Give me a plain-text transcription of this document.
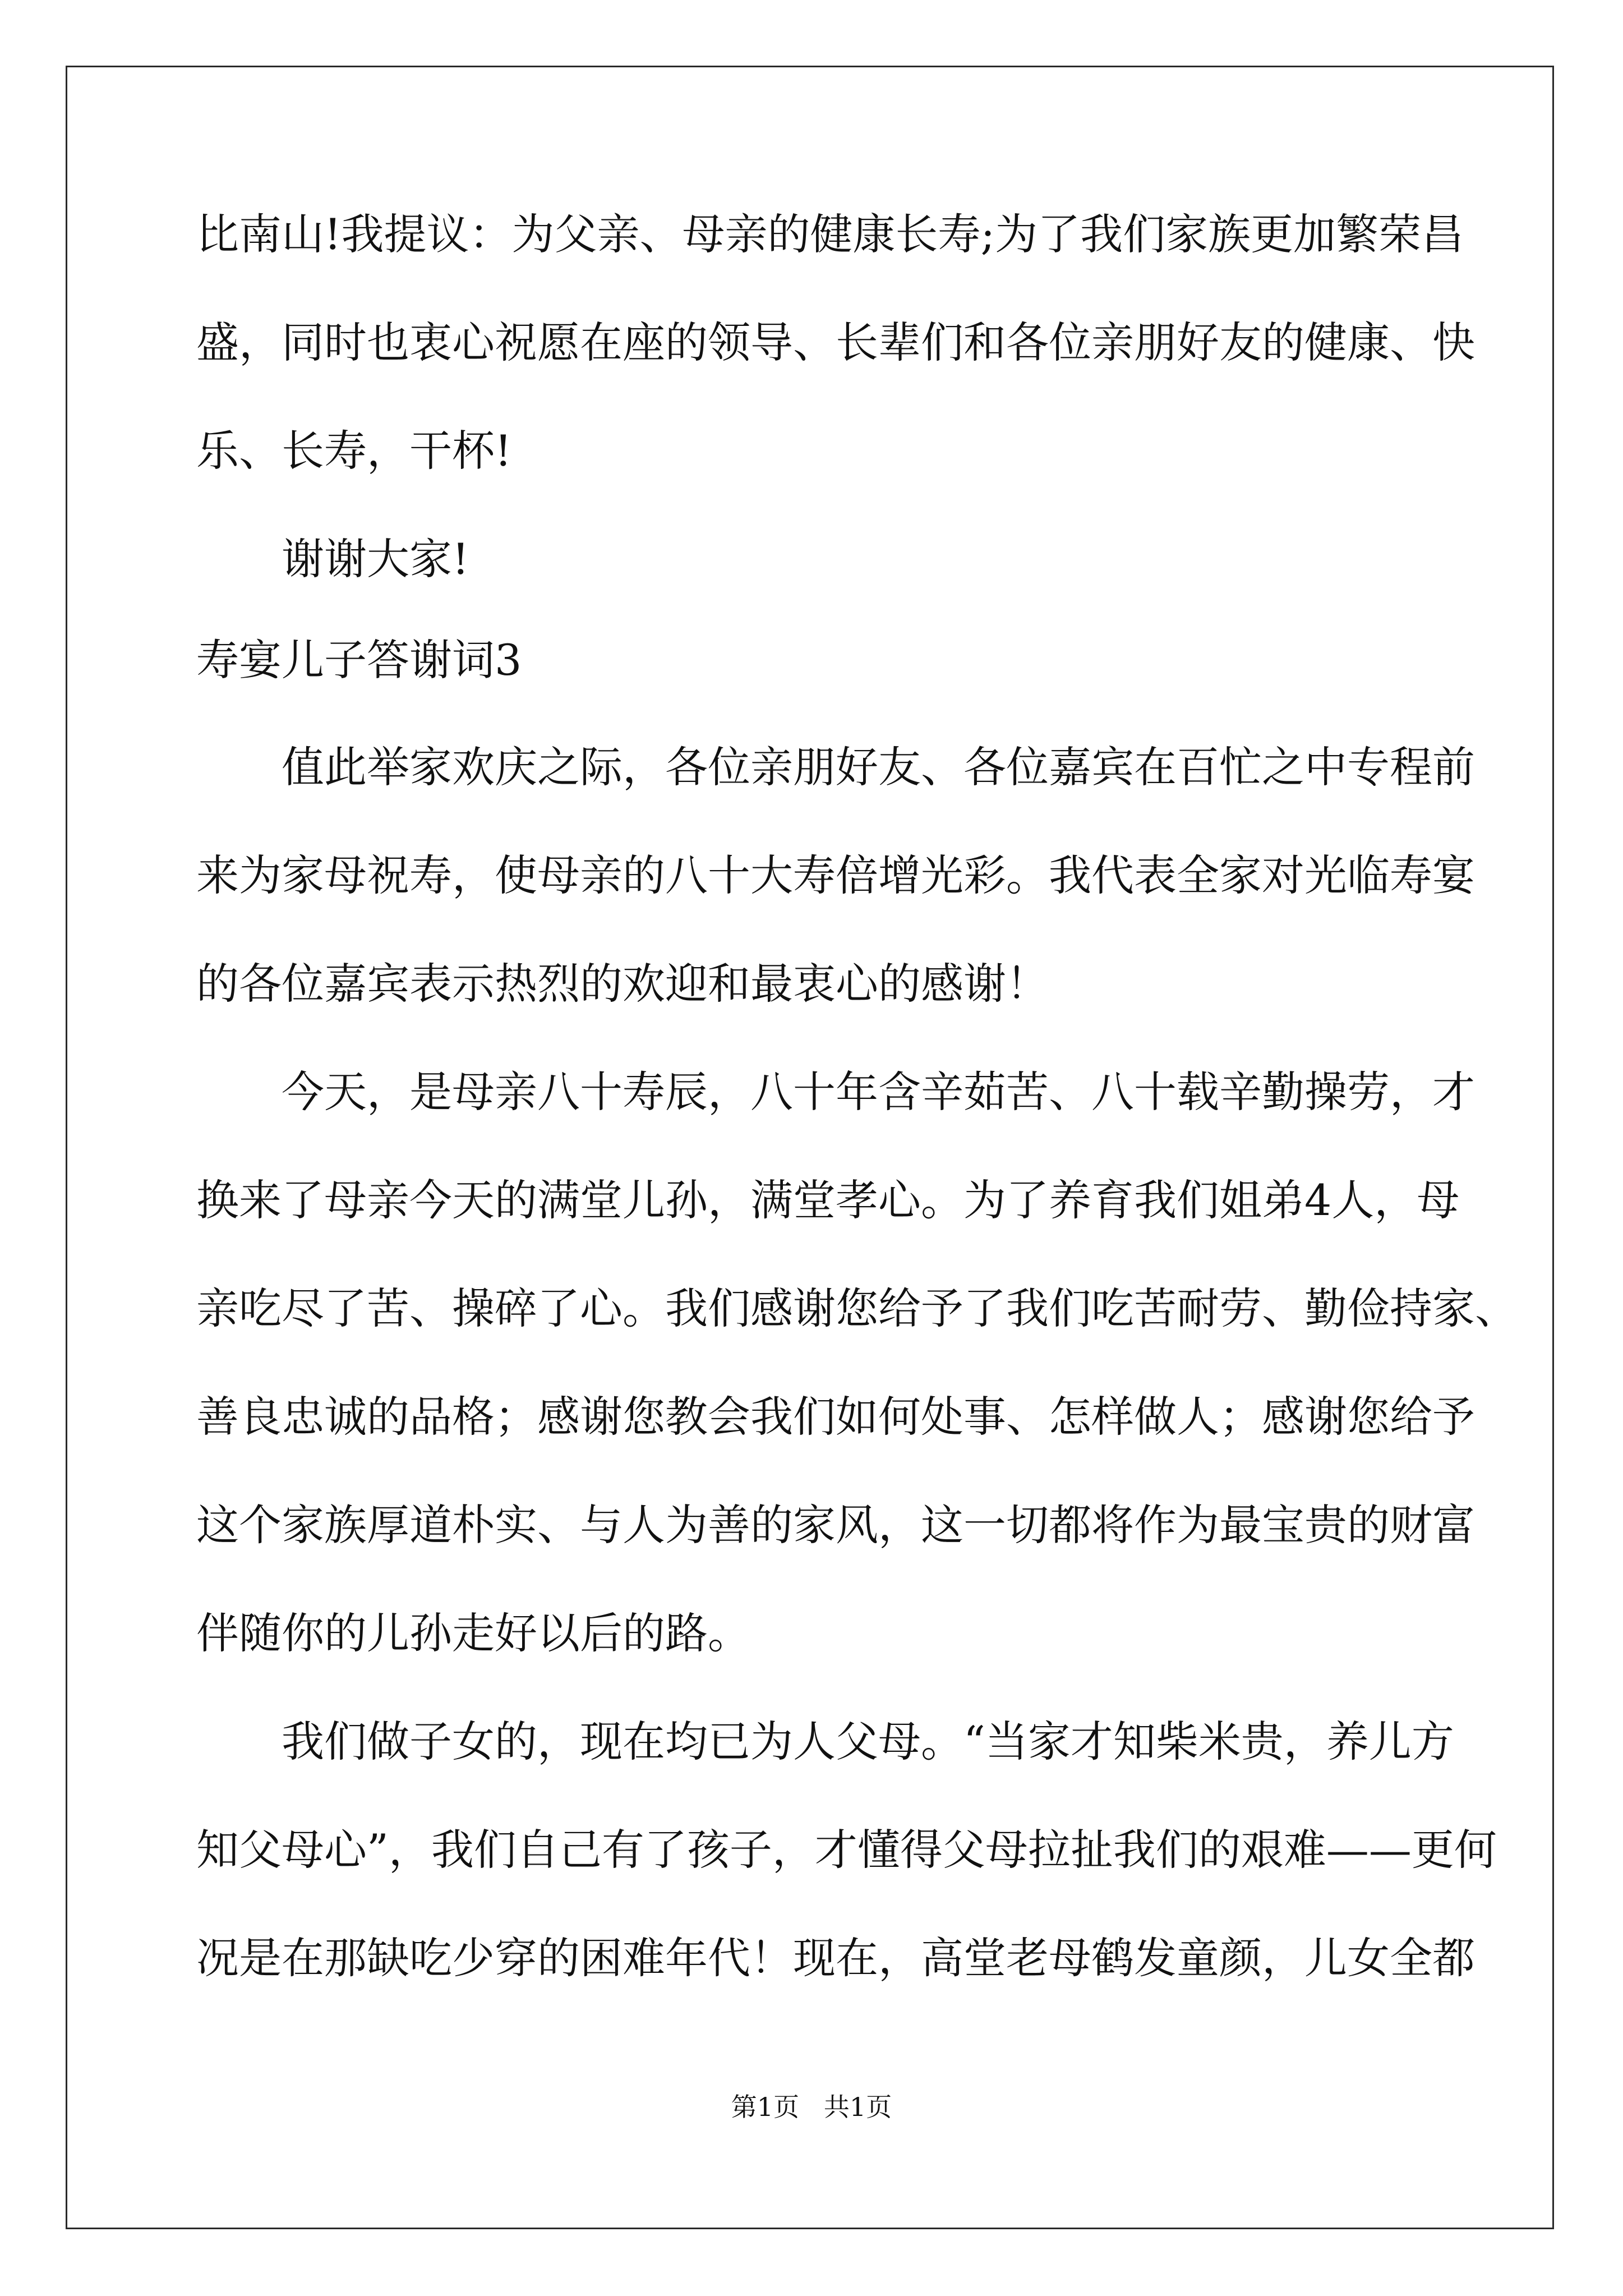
比南山!我提议：为父亲、母亲的健康长寿;为了我们家族更加繁荣昌
盛，同时也衷心祝愿在座的领导、长辈们和各位亲朋好友的健康、快
乐、长寿，干杯!
谢谢大家!
寿宴儿子答谢词3
值此举家欢庆之际，各位亲朋好友、各位嘉宾在百忙之中专程前
来为家母祝寿，使母亲的八十大寿倍增光彩。我代表全家对光临寿宴
的各位嘉宾表示热烈的欢迎和最衷心的感谢！
今天，是母亲八十寿辰，八十年含辛茹苦、八十载辛勤操劳，才
换来了母亲今天的满堂儿孙，满堂孝心。为了养育我们姐弟4人，母
亲吃尽了苦、操碎了心。我们感谢您给予了我们吃苦耐劳、勤俭持家、
善良忠诚的品格；感谢您教会我们如何处事、怎样做人；感谢您给予
这个家族厚道朴实、与人为善的家风，这一切都将作为最宝贵的财富
伴随你的儿孙走好以后的路。
我们做子女的，现在均已为人父母。“当家才知柴米贵，养儿方
知父母心”，我们自己有了孩子，才懂得父母拉扯我们的艰难——更何
况是在那缺吃少穿的困难年代！现在，高堂老母鹤发童颜，儿女全都
第1页   共1页
